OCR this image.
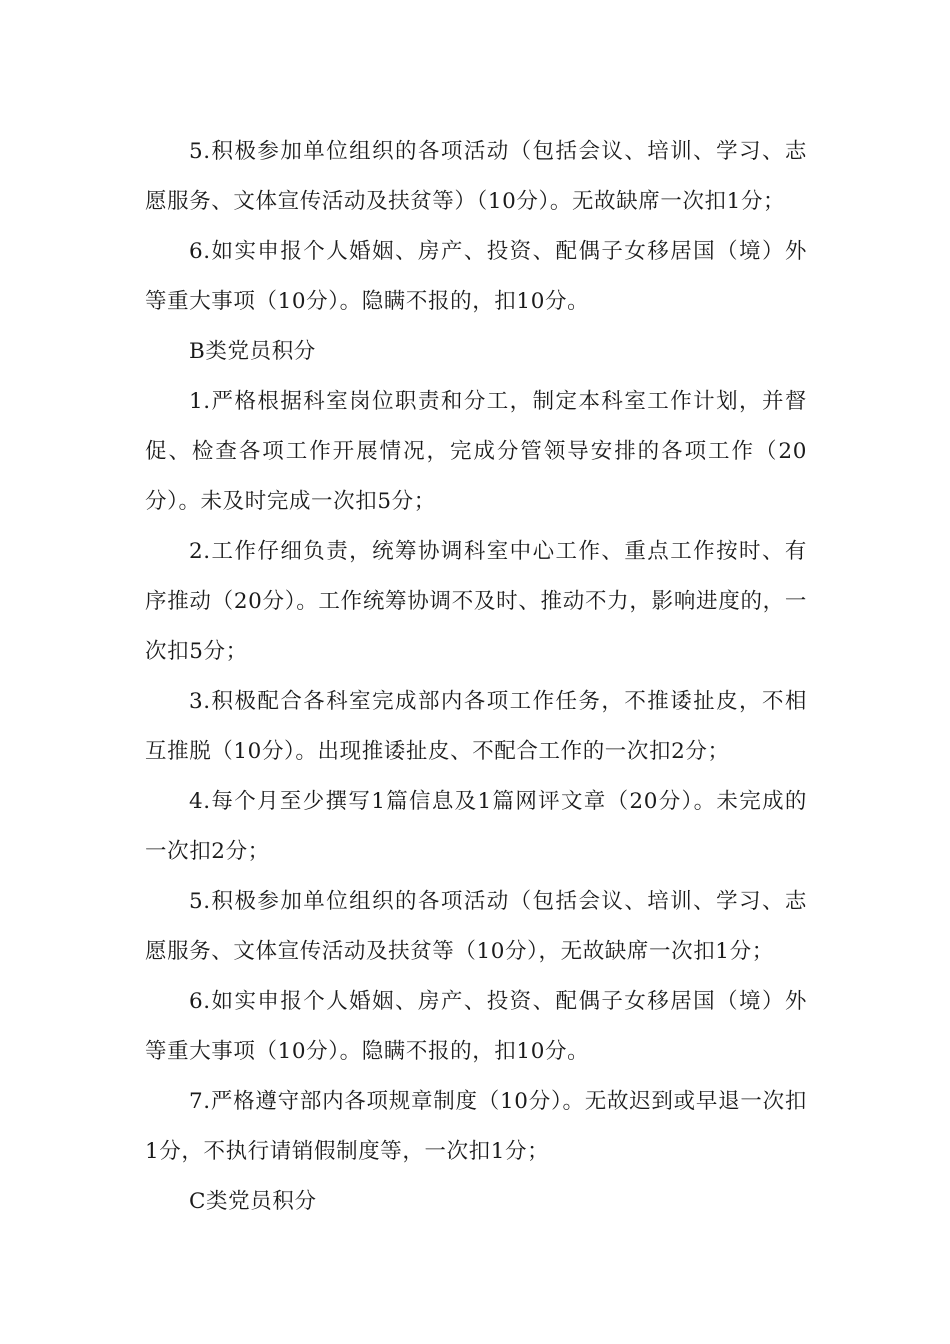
5.积极参加单位组织的各项活动（包括会议、培训、学习、志愿服务、文体宣传活动及扶贫等）（10分）。无故缺席一次扣1分；

6.如实申报个人婚姻、房产、投资、配偶子女移居国（境）外等重大事项（10分）。隐瞒不报的，扣10分。

B类党员积分

1.严格根据科室岗位职责和分工，制定本科室工作计划，并督促、检查各项工作开展情况，完成分管领导安排的各项工作（20分）。未及时完成一次扣5分；

2.工作仔细负责，统筹协调科室中心工作、重点工作按时、有序推动（20分）。工作统筹协调不及时、推动不力，影响进度的，一次扣5分；

3.积极配合各科室完成部内各项工作任务，不推诿扯皮，不相互推脱（10分）。出现推诿扯皮、不配合工作的一次扣2分；

4.每个月至少撰写1篇信息及1篇网评文章（20分）。未完成的一次扣2分；

5.积极参加单位组织的各项活动（包括会议、培训、学习、志愿服务、文体宣传活动及扶贫等（10分），无故缺席一次扣1分；

6.如实申报个人婚姻、房产、投资、配偶子女移居国（境）外等重大事项（10分）。隐瞒不报的，扣10分。

7.严格遵守部内各项规章制度（10分）。无故迟到或早退一次扣1分，不执行请销假制度等，一次扣1分；

C类党员积分
